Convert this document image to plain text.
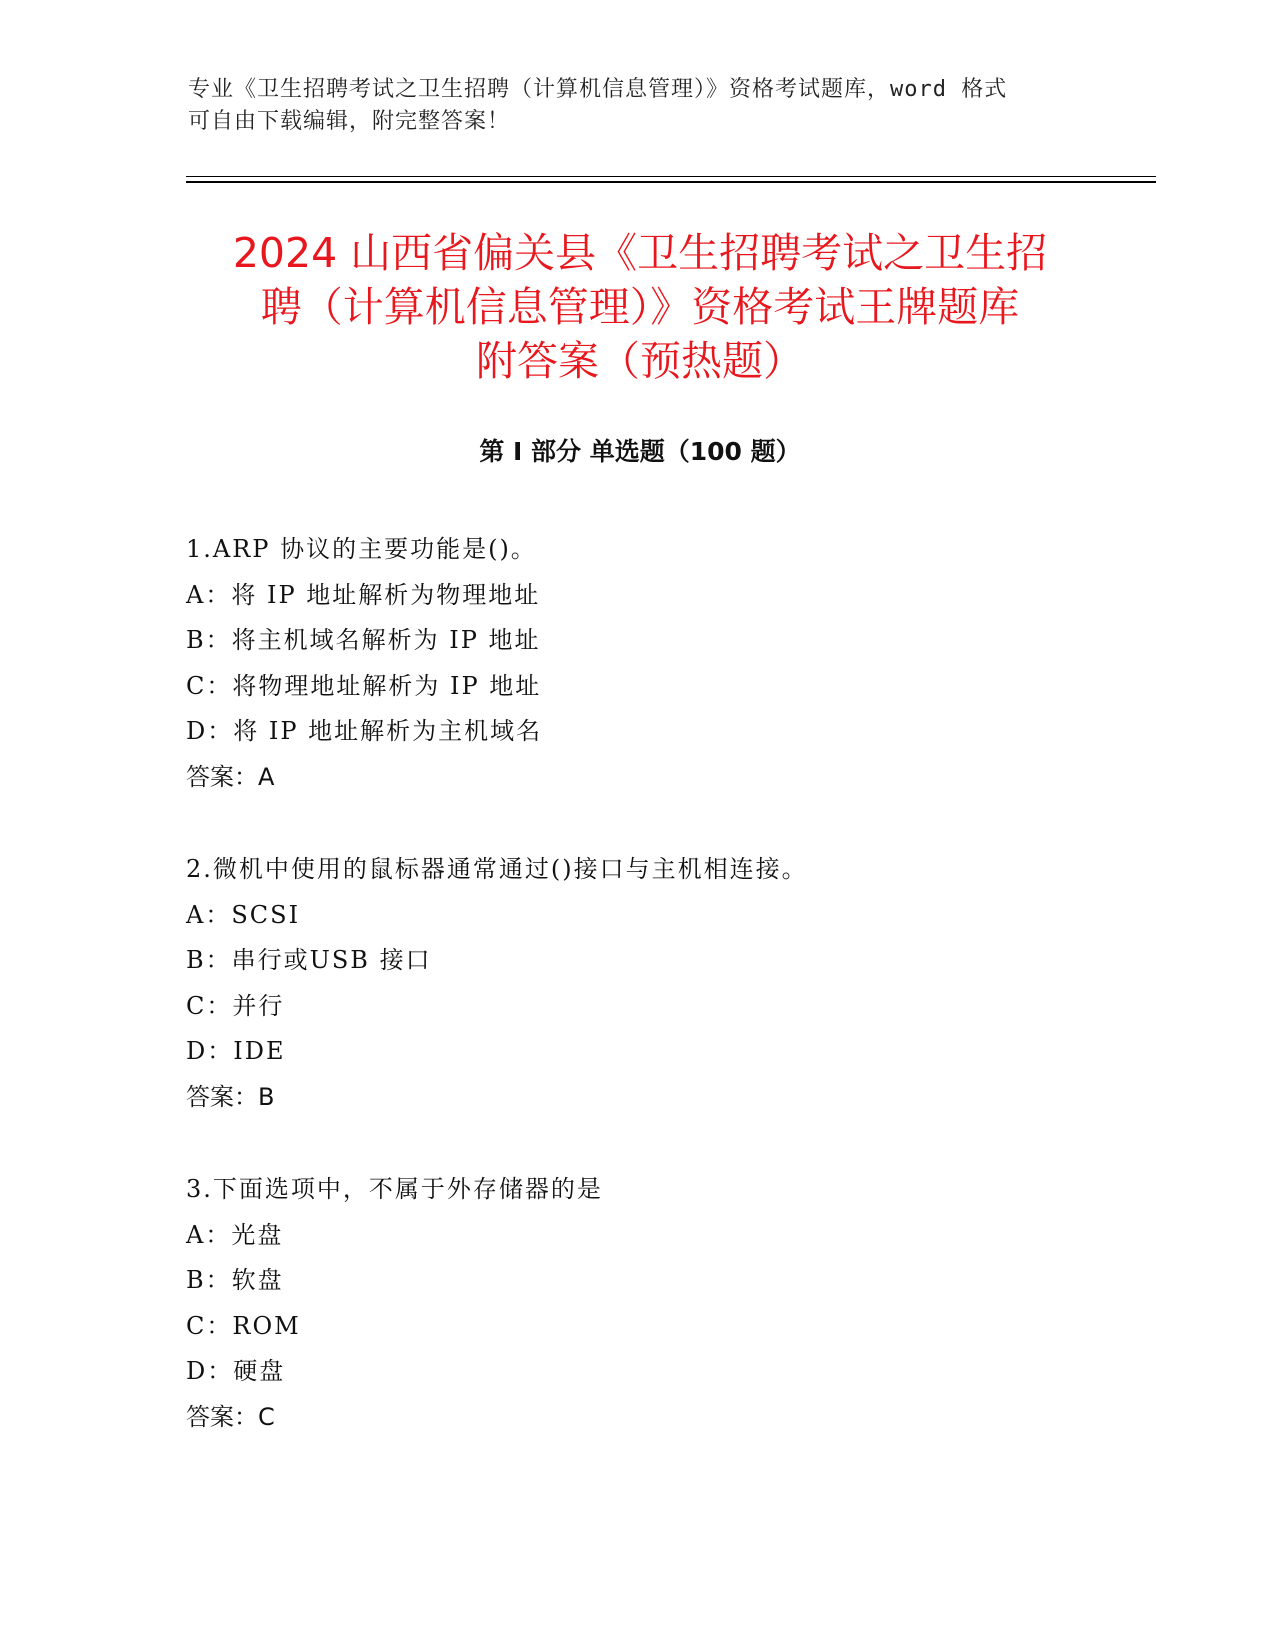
专业《卫生招聘考试之卫生招聘（计算机信息管理）》资格考试题库，word 格式
可自由下载编辑，附完整答案！
2024 山西省偏关县《卫生招聘考试之卫生招
聘（计算机信息管理）》资格考试王牌题库
附答案（预热题）
第 I 部分 单选题（100 题）
1.ARP 协议的主要功能是()。
A：将 IP 地址解析为物理地址
B：将主机域名解析为 IP 地址
C：将物理地址解析为 IP 地址
D：将 IP 地址解析为主机域名
答案：A
2.微机中使用的鼠标器通常通过()接口与主机相连接。
A：SCSI
B：串行或USB 接口
C：并行
D：IDE
答案：B
3.下面选项中，不属于外存储器的是
A：光盘
B：软盘
C：ROM
D：硬盘
答案：C
